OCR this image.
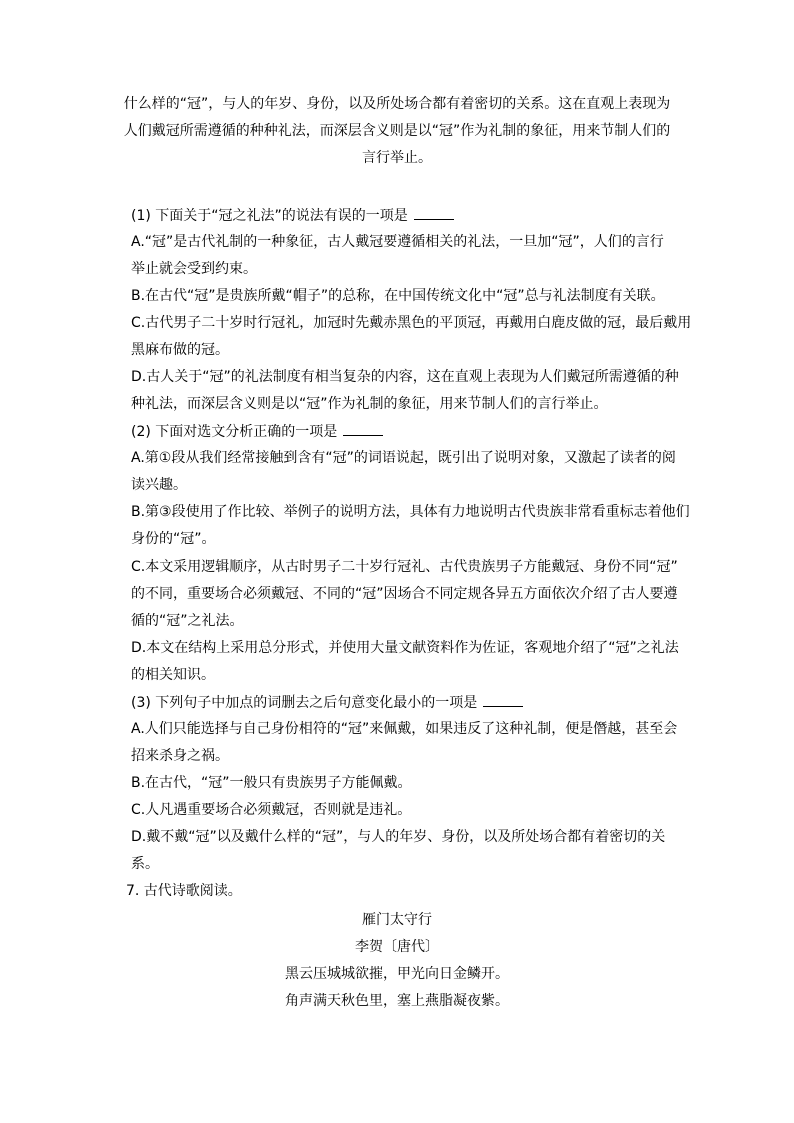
什么样的“冠”，与人的年岁、身份，以及所处场合都有着密切的关系。这在直观上表现为
人们戴冠所需遵循的种种礼法，而深层含义则是以“冠”作为礼制的象征，用来节制人们的
言行举止。
(1) 下面关于“冠之礼法”的说法有误的一项是
A.“冠”是古代礼制的一种象征，古人戴冠要遵循相关的礼法，一旦加“冠”，人们的言行
举止就会受到约束。
B.在古代“冠”是贵族所戴“帽子”的总称，在中国传统文化中“冠”总与礼法制度有关联。
C.古代男子二十岁时行冠礼，加冠时先戴赤黑色的平顶冠，再戴用白鹿皮做的冠，最后戴用
黑麻布做的冠。
D.古人关于“冠”的礼法制度有相当复杂的内容，这在直观上表现为人们戴冠所需遵循的种
种礼法，而深层含义则是以“冠”作为礼制的象征，用来节制人们的言行举止。
(2) 下面对选文分析正确的一项是
A.第①段从我们经常接触到含有“冠”的词语说起，既引出了说明对象，又激起了读者的阅
读兴趣。
B.第③段使用了作比较、举例子的说明方法，具体有力地说明古代贵族非常看重标志着他们
身份的“冠”。
C.本文采用逻辑顺序，从古时男子二十岁行冠礼、古代贵族男子方能戴冠、身份不同“冠”
的不同，重要场合必须戴冠、不同的“冠”因场合不同定规各异五方面依次介绍了古人要遵
循的“冠”之礼法。
D.本文在结构上采用总分形式，并使用大量文献资料作为佐证，客观地介绍了“冠”之礼法
的相关知识。
(3) 下列句子中加点的词删去之后句意变化最小的一项是
A.人们只能选择与自己身份相符的“冠”来佩戴，如果违反了这种礼制，便是僭越，甚至会
招来杀身之祸。
B.在古代，“冠”一般只有贵族男子方能佩戴。
C.人凡遇重要场合必须戴冠，否则就是违礼。
D.戴不戴“冠”以及戴什么样的“冠”，与人的年岁、身份，以及所处场合都有着密切的关
系。
7. 古代诗歌阅读。
雁门太守行
李贺〔唐代〕
黑云压城城欲摧，甲光向日金鳞开。
角声满天秋色里，塞上燕脂凝夜紫。
